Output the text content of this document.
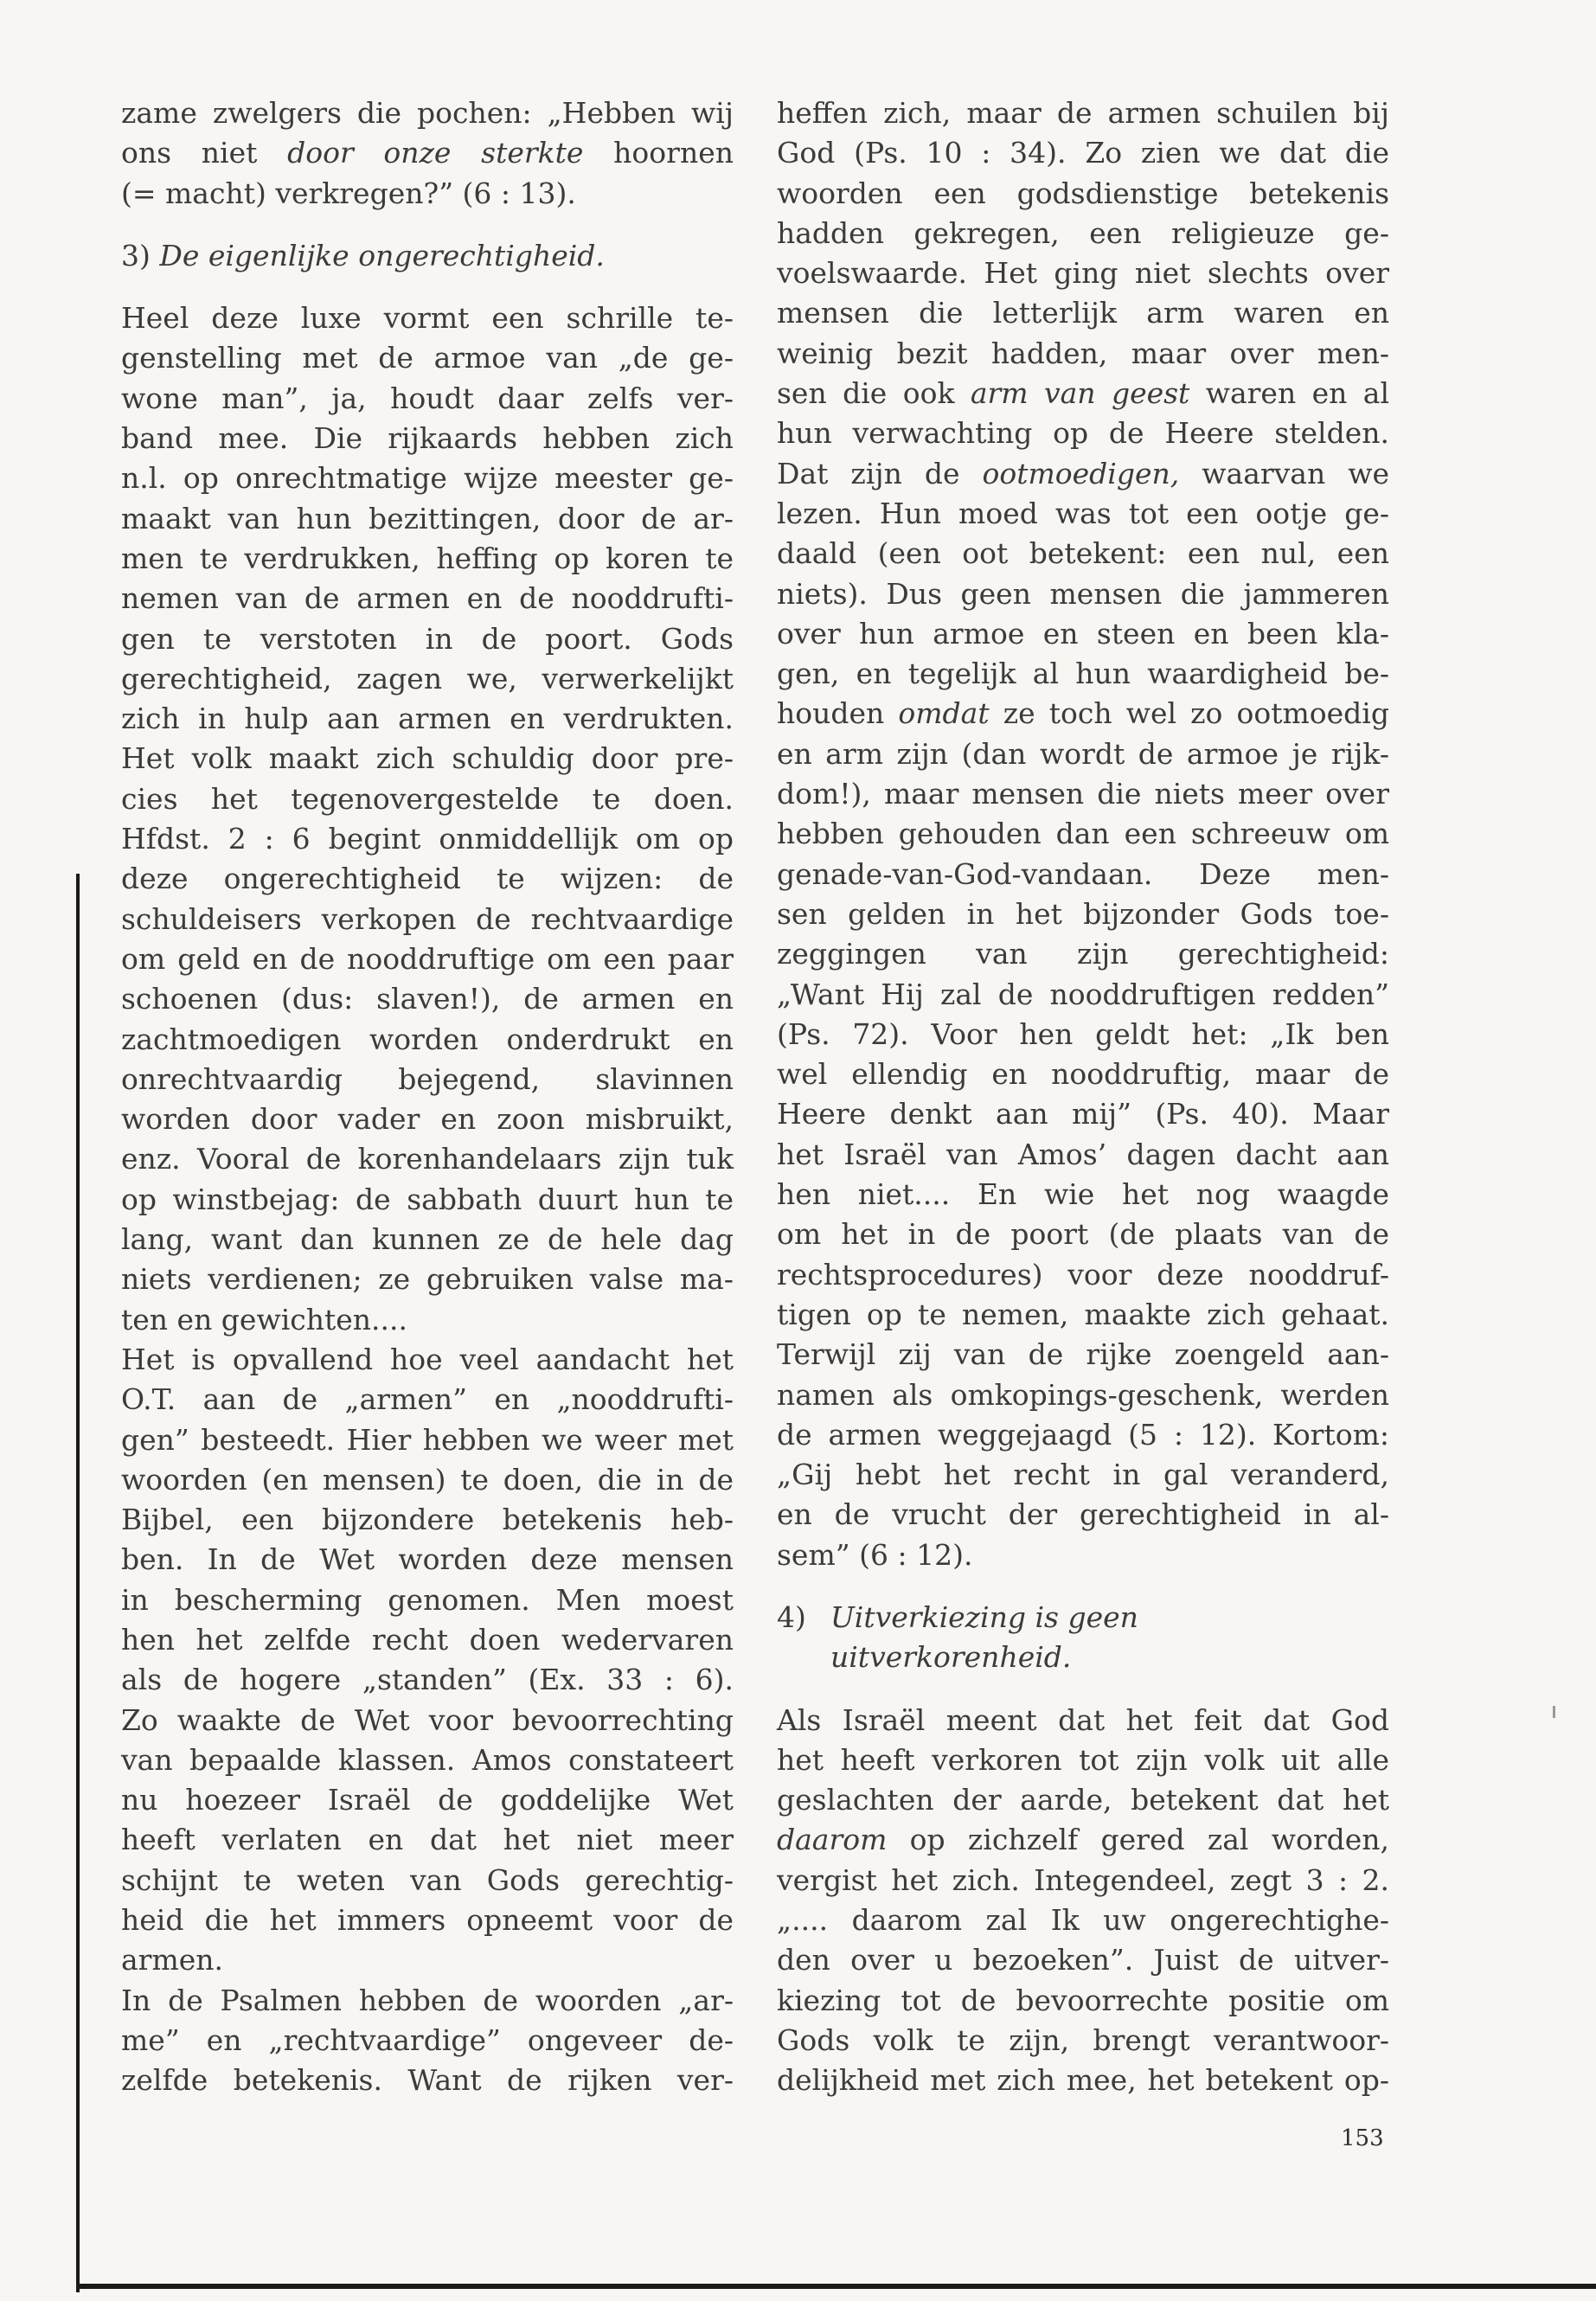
zame zwelgers die pochen: „Hebben wij
ons niet door onze sterkte hoornen
(= macht) verkregen?” (6 : 13).
3) De eigenlijke ongerechtigheid.
Heel deze luxe vormt een schrille te-
genstelling met de armoe van „de ge-
wone man”, ja, houdt daar zelfs ver-
band mee. Die rijkaards hebben zich
n.l. op onrechtmatige wijze meester ge-
maakt van hun bezittingen, door de ar-
men te verdrukken, heffing op koren te
nemen van de armen en de nooddrufti-
gen te verstoten in de poort. Gods
gerechtigheid, zagen we, verwerkelijkt
zich in hulp aan armen en verdrukten.
Het volk maakt zich schuldig door pre-
cies het tegenovergestelde te doen.
Hfdst. 2 : 6 begint onmiddellijk om op
deze ongerechtigheid te wijzen: de
schuldeisers verkopen de rechtvaardige
om geld en de nooddruftige om een paar
schoenen (dus: slaven!), de armen en
zachtmoedigen worden onderdrukt en
onrechtvaardig bejegend, slavinnen
worden door vader en zoon misbruikt,
enz. Vooral de korenhandelaars zijn tuk
op winstbejag: de sabbath duurt hun te
lang, want dan kunnen ze de hele dag
niets verdienen; ze gebruiken valse ma-
ten en gewichten....
Het is opvallend hoe veel aandacht het
O.T. aan de „armen” en „nooddrufti-
gen” besteedt. Hier hebben we weer met
woorden (en mensen) te doen, die in de
Bijbel, een bijzondere betekenis heb-
ben. In de Wet worden deze mensen
in bescherming genomen. Men moest
hen het zelfde recht doen wedervaren
als de hogere „standen” (Ex. 33 : 6).
Zo waakte de Wet voor bevoorrechting
van bepaalde klassen. Amos constateert
nu hoezeer Israël de goddelijke Wet
heeft verlaten en dat het niet meer
schijnt te weten van Gods gerechtig-
heid die het immers opneemt voor de
armen.
In de Psalmen hebben de woorden „ar-
me” en „rechtvaardige” ongeveer de-
zelfde betekenis. Want de rijken ver-
heffen zich, maar de armen schuilen bij
God (Ps. 10 : 34). Zo zien we dat die
woorden een godsdienstige betekenis
hadden gekregen, een religieuze ge-
voelswaarde. Het ging niet slechts over
mensen die letterlijk arm waren en
weinig bezit hadden, maar over men-
sen die ook arm van geest waren en al
hun verwachting op de Heere stelden.
Dat zijn de ootmoedigen, waarvan we
lezen. Hun moed was tot een ootje ge-
daald (een oot betekent: een nul, een
niets). Dus geen mensen die jammeren
over hun armoe en steen en been kla-
gen, en tegelijk al hun waardigheid be-
houden omdat ze toch wel zo ootmoedig
en arm zijn (dan wordt de armoe je rijk-
dom!), maar mensen die niets meer over
hebben gehouden dan een schreeuw om
genade-van-God-vandaan. Deze men-
sen gelden in het bijzonder Gods toe-
zeggingen van zijn gerechtigheid:
„Want Hij zal de nooddruftigen redden”
(Ps. 72). Voor hen geldt het: „Ik ben
wel ellendig en nooddruftig, maar de
Heere denkt aan mij” (Ps. 40). Maar
het Israël van Amos’ dagen dacht aan
hen niet.... En wie het nog waagde
om het in de poort (de plaats van de
rechtsprocedures) voor deze nooddruf-
tigen op te nemen, maakte zich gehaat.
Terwijl zij van de rijke zoengeld aan-
namen als omkopings-geschenk, werden
de armen weggejaagd (5 : 12). Kortom:
„Gij hebt het recht in gal veranderd,
en de vrucht der gerechtigheid in al-
sem” (6 : 12).
4) Uitverkiezing is geen
uitverkorenheid.
Als Israël meent dat het feit dat God
het heeft verkoren tot zijn volk uit alle
geslachten der aarde, betekent dat het
daarom op zichzelf gered zal worden,
vergist het zich. Integendeel, zegt 3 : 2.
„.... daarom zal Ik uw ongerechtighe-
den over u bezoeken”. Juist de uitver-
kiezing tot de bevoorrechte positie om
Gods volk te zijn, brengt verantwoor-
delijkheid met zich mee, het betekent op-
153
